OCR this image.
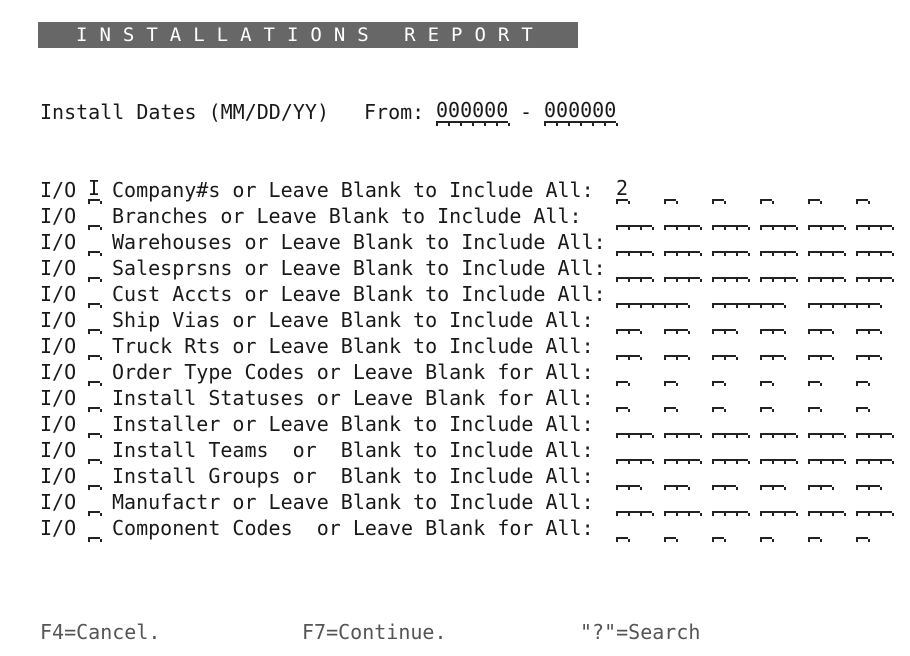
INSTALLATIONS REPORT
Install Dates (MM/DD/YY) From: 000000 - 000000
I/O I Company#s or Leave Blank to Include All: 2
I/O Branches or Leave Blank to Include All:
I/O Warehouses or Leave Blank to Include All:
I/O Salesprsns or Leave Blank to Include All:
I/O Cust Accts or Leave Blank to Include All:
I/O Ship Vias or Leave Blank to Include All:
I/O Truck Rts or Leave Blank to Include All:
I/O Order Type Codes or Leave Blank for All:
I/O Install Statuses or Leave Blank for All:
I/O Installer or Leave Blank to Include All:
I/O Install Teams  or  Blank to Include All:
I/O Install Groups or  Blank to Include All:
I/O Manufactr or Leave Blank to Include All:
I/O Component Codes  or Leave Blank for All:
F4=Cancel.	F7=Continue.	"?"=Search
